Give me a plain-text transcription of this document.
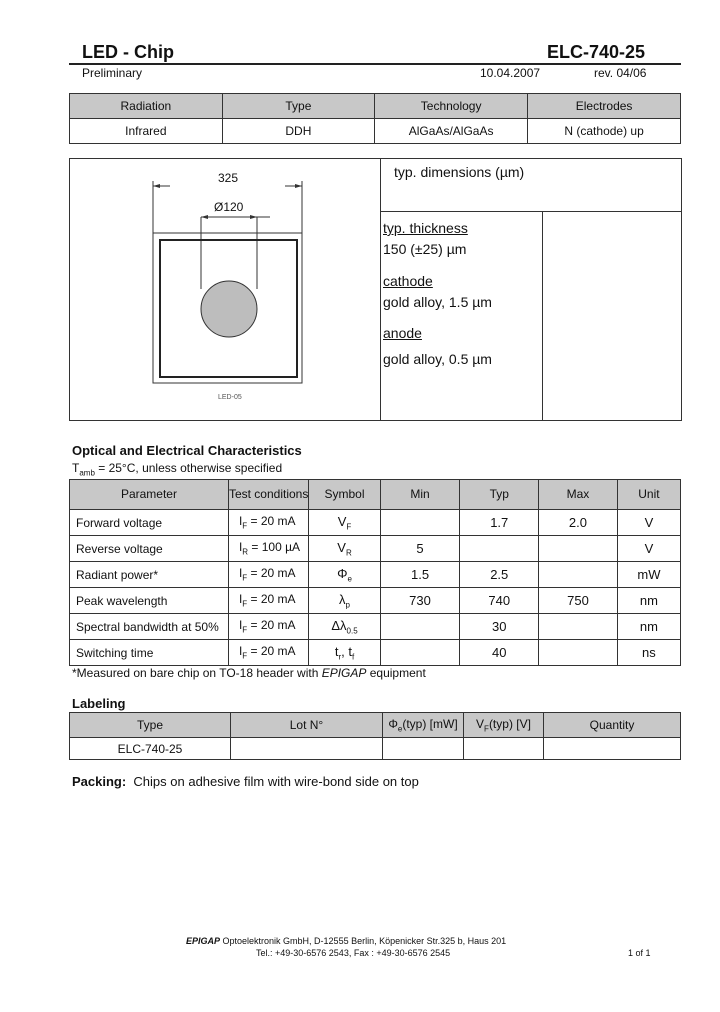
LED - Chip	ELC-740-25
Preliminary	10.04.2007	rev. 04/06
Radiation	Type	Technology	Electrodes
Infrared	DDH	AlGaAs/AlGaAs	N (cathode) up
325
Ø120
LED-05
typ. dimensions (µm)
typ. thickness
150 (±25) µm
cathode
gold alloy, 1.5 µm
anode
gold alloy, 0.5 µm
Optical and Electrical Characteristics
$T_{amb} = 25^\circ C$, unless otherwise specified
Parameter	Test conditions	Symbol	Min	Typ	Max	Unit
Forward voltage	$I_F = 20$ mA	$V_F$		1.7	2.0	V
Reverse voltage	$I_R = 100$ µA	$V_R$	5			V
Radiant power*	$I_F = 20$ mA	$\Phi_e$	1.5	2.5		mW
Peak wavelength	$I_F = 20$ mA	$\lambda_p$	730	740	750	nm
Spectral bandwidth at 50%	$I_F = 20$ mA	$\Delta\lambda_{0.5}$		30		nm
Switching time	$I_F = 20$ mA	$t_r$, $t_f$		40		ns
*Measured on bare chip on TO-18 header with EPIGAP equipment
Labeling
Type	Lot N°	$\Phi_e(typ)$ [mW]	$V_F(typ)$ [V]	Quantity
ELC-740-25				
Packing: Chips on adhesive film with wire-bond side on top
EPIGAP Optoelektronik GmbH, D-12555 Berlin, Köpenicker Str.325 b, Haus 201
Tel.: +49-30-6576 2543, Fax : +49-30-6576 2545	1 of 1
